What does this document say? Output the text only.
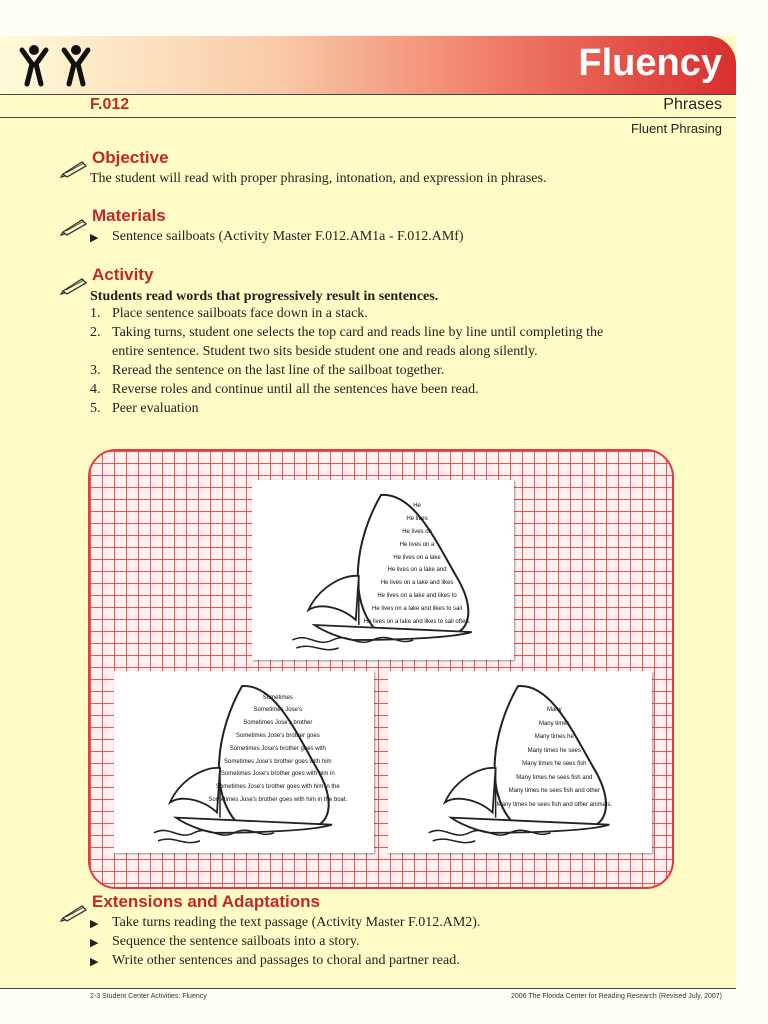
Fluency
F.012	Phrases
Fluent Phrasing
Objective
The student will read with proper phrasing, intonation, and expression in phrases.
Materials
▶ Sentence sailboats (Activity Master F.012.AM1a - F.012.AMf)
Activity
Students read words that progressively result in sentences.
1. Place sentence sailboats face down in a stack.
2. Taking turns, student one selects the top card and reads line by line until completing the entire sentence. Student two sits beside student one and reads along silently.
3. Reread the sentence on the last line of the sailboat together.
4. Reverse roles and continue until all the sentences have been read.
5. Peer evaluation
He
He lives
He lives on
He lives on a
He lives on a lake
He lives on a lake and
He lives on a lake and likes
He lives on a lake and likes to
He lives on a lake and likes to sail
He lives on a lake and likes to sail often.
Sometimes
Sometimes Jose's
Sometimes Jose's brother
Sometimes Jose's brother goes
Sometimes Jose's brother goes with
Sometimes Jose's brother goes with him
Sometimes Jose's brother goes with him in
Sometimes Jose's brother goes with him in the
Sometimes Jose's brother goes with him in the boat.
Many
Many times
Many times he
Many times he sees
Many times he sees fish
Many times he sees fish and
Many times he sees fish and other
Many times he sees fish and other animals.
Extensions and Adaptations
▶ Take turns reading the text passage (Activity Master F.012.AM2).
▶ Sequence the sentence sailboats into a story.
▶ Write other sentences and passages to choral and partner read.
2-3 Student Center Activities: Fluency	2006 The Florida Center for Reading Research (Revised July, 2007)
